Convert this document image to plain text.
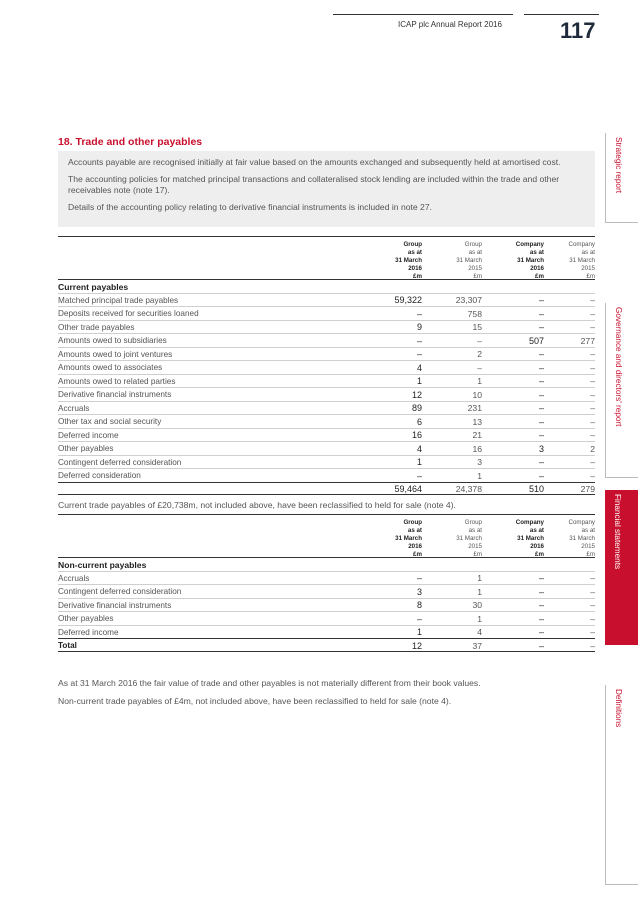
ICAP plc Annual Report 2016	117
18. Trade and other payables

Accounts payable are recognised initially at fair value based on the amounts exchanged and subsequently held at amortised cost.

The accounting policies for matched principal transactions and collateralised stock lending are included within the trade and other
receivables note (note 17).

Details of the accounting policy relating to derivative financial instruments is included in note 27.

Group
as at
31 March
2016
£m
Group
as at
31 March
2015
£m
Company
as at
31 March
2016
£m
Company
as at
31 March
2015
£m
Current payables
Matched principal trade payables	59,322	23,307	–	–
Deposits received for securities loaned	–	758	–	–
Other trade payables	9	15	–	–
Amounts owed to subsidiaries	–	–	507	277
Amounts owed to joint ventures	–	2	–	–
Amounts owed to associates	4	–	–	–
Amounts owed to related parties	1	1	–	–
Derivative financial instruments	12	10	–	–
Accruals	89	231	–	–
Other tax and social security	6	13	–	–
Deferred income	16	21	–	–
Other payables	4	16	3	2
Contingent deferred consideration	1	3	–	–
Deferred consideration	–	1	–	–
59,464	24,378	510	279
Current trade payables of £20,738m, not included above, have been reclassified to held for sale (note 4).
Group
as at
31 March
2016
£m
Group
as at
31 March
2015
£m
Company
as at
31 March
2016
£m
Company
as at
31 March
2015
£m
Non-current payables
Accruals	–	1	–	–
Contingent deferred consideration	3	1	–	–
Derivative financial instruments	8	30	–	–
Other payables	–	1	–	–
Deferred income	1	4	–	–
Total	12	37	–	–
As at 31 March 2016 the fair value of trade and other payables is not materially different from their book values.
Non-current trade payables of £4m, not included above, have been reclassified to held for sale (note 4).
Strategic report
Governance and directors' report
Financial statements
Definitions
